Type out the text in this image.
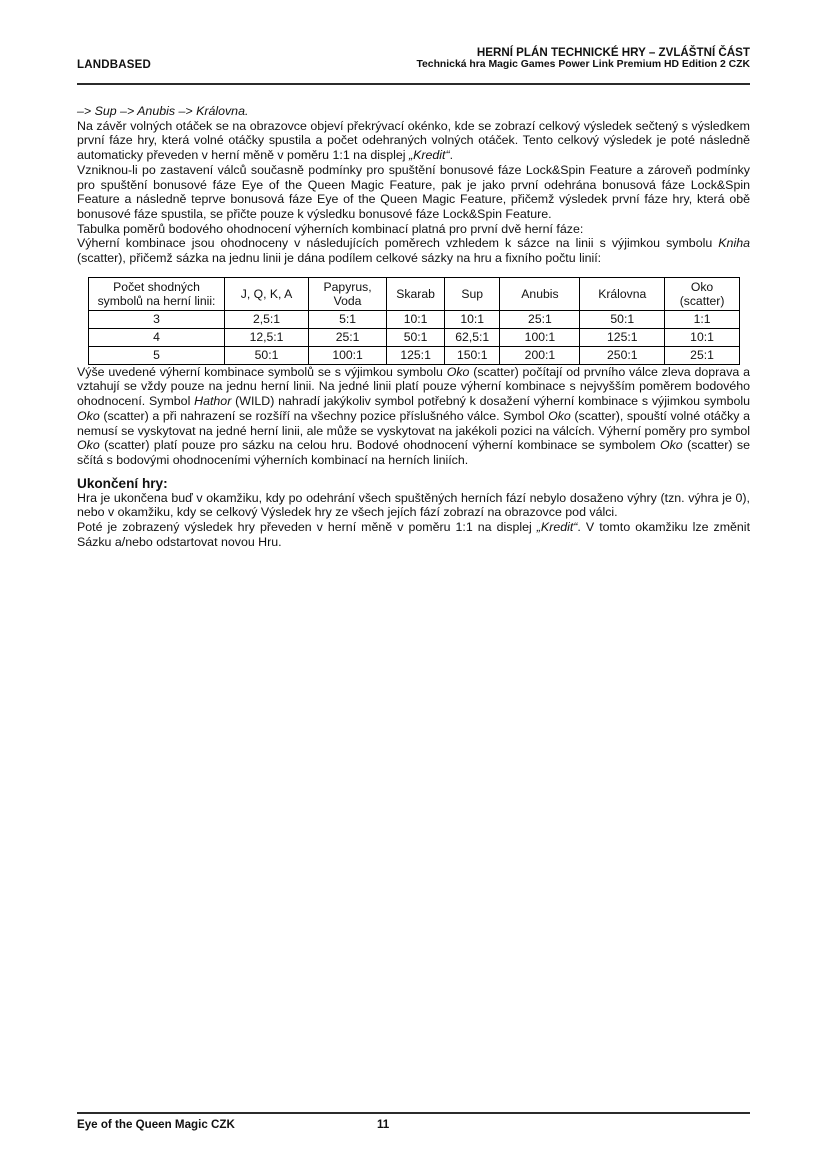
LANDBASED
HERNÍ PLÁN TECHNICKÉ HRY – ZVLÁŠTNÍ ČÁST
Technická hra Magic Games Power Link Premium HD Edition 2 CZK

–> Sup –> Anubis –> Královna.

Na závěr volných otáček se na obrazovce objeví překrývací okénko, kde se zobrazí celkový výsledek sečtený s výsledkem první fáze hry, která volné otáčky spustila a počet odehraných volných otáček. Tento celkový výsledek je poté následně automaticky převeden v herní měně v poměru 1:1 na displej „Kredit“.

Vzniknou-li po zastavení válců současně podmínky pro spuštění bonusové fáze Lock&Spin Feature a zároveň podmínky pro spuštění bonusové fáze Eye of the Queen Magic Feature, pak je jako první odehrána bonusová fáze Lock&Spin Feature a následně teprve bonusová fáze Eye of the Queen Magic Feature, přičemž výsledek první fáze hry, která obě bonusové fáze spustila, se přičte pouze k výsledku bonusové fáze Lock&Spin Feature.

Tabulka poměrů bodového ohodnocení výherních kombinací platná pro první dvě herní fáze:

Výherní kombinace jsou ohodnoceny v následujících poměrech vzhledem k sázce na linii s výjimkou symbolu Kniha (scatter), přičemž sázka na jednu linii je dána podílem celkové sázky na hru a fixního počtu linií:

Počet shodných symbolů na herní linii:	J, Q, K, A	Papyrus, Voda	Skarab	Sup	Anubis	Královna	Oko (scatter)
3	2,5:1	5:1	10:1	10:1	25:1	50:1	1:1
4	12,5:1	25:1	50:1	62,5:1	100:1	125:1	10:1
5	50:1	100:1	125:1	150:1	200:1	250:1	25:1

Výše uvedené výherní kombinace symbolů se s výjimkou symbolu Oko (scatter) počítají od prvního válce zleva doprava a vztahují se vždy pouze na jednu herní linii. Na jedné linii platí pouze výherní kombinace s nejvyšším poměrem bodového ohodnocení. Symbol Hathor (WILD) nahradí jakýkoliv symbol potřebný k dosažení výherní kombinace s výjimkou symbolu Oko (scatter) a při nahrazení se rozšíří na všechny pozice příslušného válce. Symbol Oko (scatter), spouští volné otáčky a nemusí se vyskytovat na jedné herní linii, ale může se vyskytovat na jakékoli pozici na válcích. Výherní poměry pro symbol Oko (scatter) platí pouze pro sázku na celou hru. Bodové ohodnocení výherní kombinace se symbolem Oko (scatter) se sčítá s bodovými ohodnoceními výherních kombinací na herních liniích.

Ukončení hry:

Hra je ukončena buď v okamžiku, kdy po odehrání všech spuštěných herních fází nebylo dosaženo výhry (tzn. výhra je 0), nebo v okamžiku, kdy se celkový Výsledek hry ze všech jejích fází zobrazí na obrazovce pod válci.

Poté je zobrazený výsledek hry převeden v herní měně v poměru 1:1 na displej „Kredit“. V tomto okamžiku lze změnit Sázku a/nebo odstartovat novou Hru.

Eye of the Queen Magic CZK	11
